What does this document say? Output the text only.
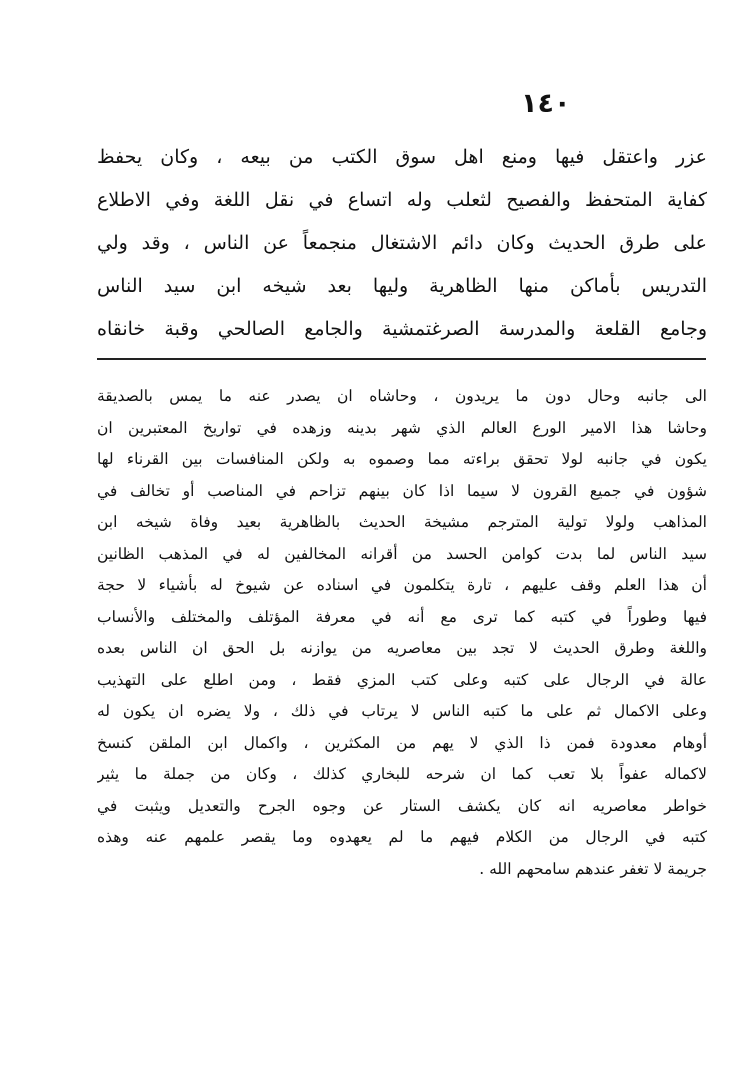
١٤٠
عزر واعتقل فيها ومنع اهل سوق الكتب من بيعه ، وكان يحفظ
كفاية المتحفظ والفصيح لثعلب وله اتساع في نقل اللغة وفي الاطلاع
على طرق الحديث وكان دائم الاشتغال منجمعاً عن الناس ، وقد ولي
التدريس بأماكن منها الظاهرية وليها بعد شيخه ابن سيد الناس
وجامع القلعة والمدرسة الصرغتمشية والجامع الصالحي وقبة خانقاه
الى جانبه وحال دون ما يريدون ، وحاشاه ان يصدر عنه ما يمس بالصديقة
وحاشا هذا الامير الورع العالم الذي شهر بدينه وزهده في تواريخ المعتبرين ان
يكون في جانبه لولا تحقق براءته مما وصموه به ولكن المنافسات بين القرناء لها
شؤون في جميع القرون لا سيما اذا كان بينهم تزاحم في المناصب أو تخالف في
المذاهب ولولا تولية المترجم مشيخة الحديث بالظاهرية بعيد وفاة شيخه ابن
سيد الناس لما بدت كوامن الحسد من أقرانه المخالفين له في المذهب الظانين
أن هذا العلم وقف عليهم ، تارة يتكلمون في اسناده عن شيوخ له بأشياء لا حجة
فيها وطوراً في كتبه كما ترى مع أنه في معرفة المؤتلف والمختلف والأنساب
واللغة وطرق الحديث لا تجد بين معاصريه من يوازنه بل الحق ان الناس بعده
عالة في الرجال على كتبه وعلى كتب المزي فقط ، ومن اطلع على التهذيب
وعلى الاكمال ثم على ما كتبه الناس لا يرتاب في ذلك ، ولا يضره ان يكون له
أوهام معدودة فمن ذا الذي لا يهم من المكثرين ، واكمال ابن الملقن كنسخ
لاكماله عفواً بلا تعب كما ان شرحه للبخاري كذلك ، وكان من جملة ما يثير
خواطر معاصريه انه كان يكشف الستار عن وجوه الجرح والتعديل ويثبت في
كتبه في الرجال من الكلام فيهم ما لم يعهدوه وما يقصر علمهم عنه وهذه
جريمة لا تغفر عندهم سامحهم الله .
